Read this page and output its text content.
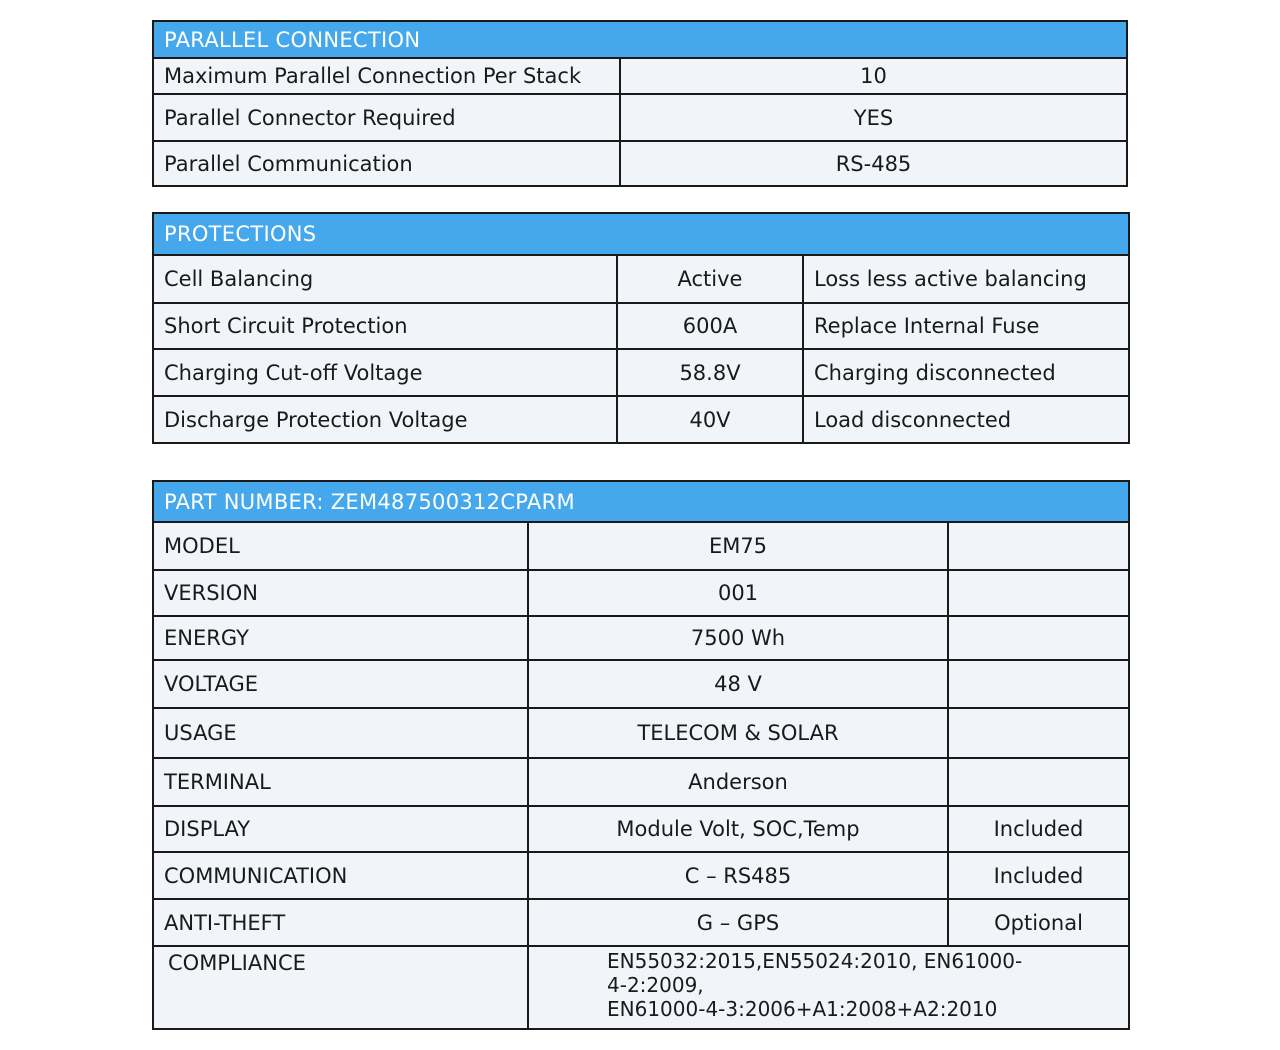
PARALLEL CONNECTION	
Maximum Parallel Connection Per Stack	10
Parallel Connector Required	YES
Parallel Communication	RS-485
PROTECTIONS		
Cell Balancing	Active	Loss less active balancing
Short Circuit Protection	600A	Replace Internal Fuse
Charging Cut-off Voltage	58.8V	Charging disconnected
Discharge Protection Voltage	40V	Load disconnected
PART NUMBER: ZEM487500312CPARM		
MODEL	EM75	
VERSION	001	
ENERGY	7500 Wh	
VOLTAGE	48 V	
USAGE	TELECOM & SOLAR	
TERMINAL	Anderson	
DISPLAY	Module Volt, SOC,Temp	Included
COMMUNICATION	C – RS485	Included
ANTI-THEFT	G – GPS	Optional
COMPLIANCE	EN55032:2015,EN55024:2010, EN61000-
4-2:2009,
EN61000-4-3:2006+A1:2008+A2:2010	
